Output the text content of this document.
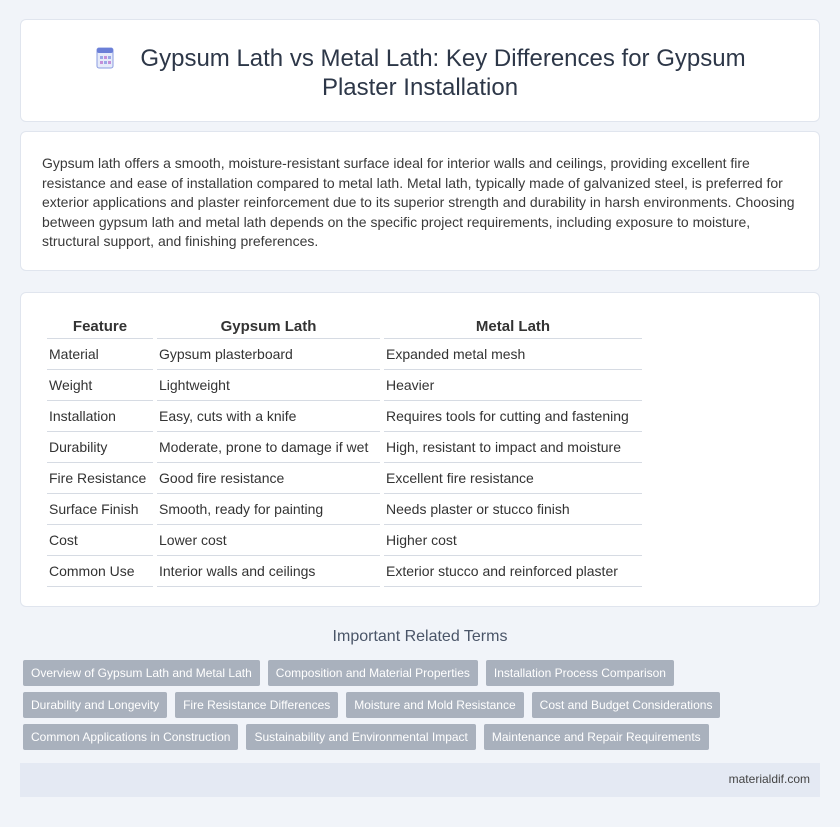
Gypsum Lath vs Metal Lath: Key Differences for Gypsum Plaster Installation

Gypsum lath offers a smooth, moisture-resistant surface ideal for interior walls and ceilings, providing excellent fire resistance and ease of installation compared to metal lath. Metal lath, typically made of galvanized steel, is preferred for exterior applications and plaster reinforcement due to its superior strength and durability in harsh environments. Choosing between gypsum lath and metal lath depends on the specific project requirements, including exposure to moisture, structural support, and finishing preferences.

Feature	Gypsum Lath	Metal Lath
Material	Gypsum plasterboard	Expanded metal mesh
Weight	Lightweight	Heavier
Installation	Easy, cuts with a knife	Requires tools for cutting and fastening
Durability	Moderate, prone to damage if wet	High, resistant to impact and moisture
Fire Resistance	Good fire resistance	Excellent fire resistance
Surface Finish	Smooth, ready for painting	Needs plaster or stucco finish
Cost	Lower cost	Higher cost
Common Use	Interior walls and ceilings	Exterior stucco and reinforced plaster
Important Related Terms
Overview of Gypsum Lath and Metal Lath	Composition and Material Properties	Installation Process Comparison
Durability and Longevity	Fire Resistance Differences	Moisture and Mold Resistance	Cost and Budget Considerations
Common Applications in Construction	Sustainability and Environmental Impact	Maintenance and Repair Requirements
materialdif.com
